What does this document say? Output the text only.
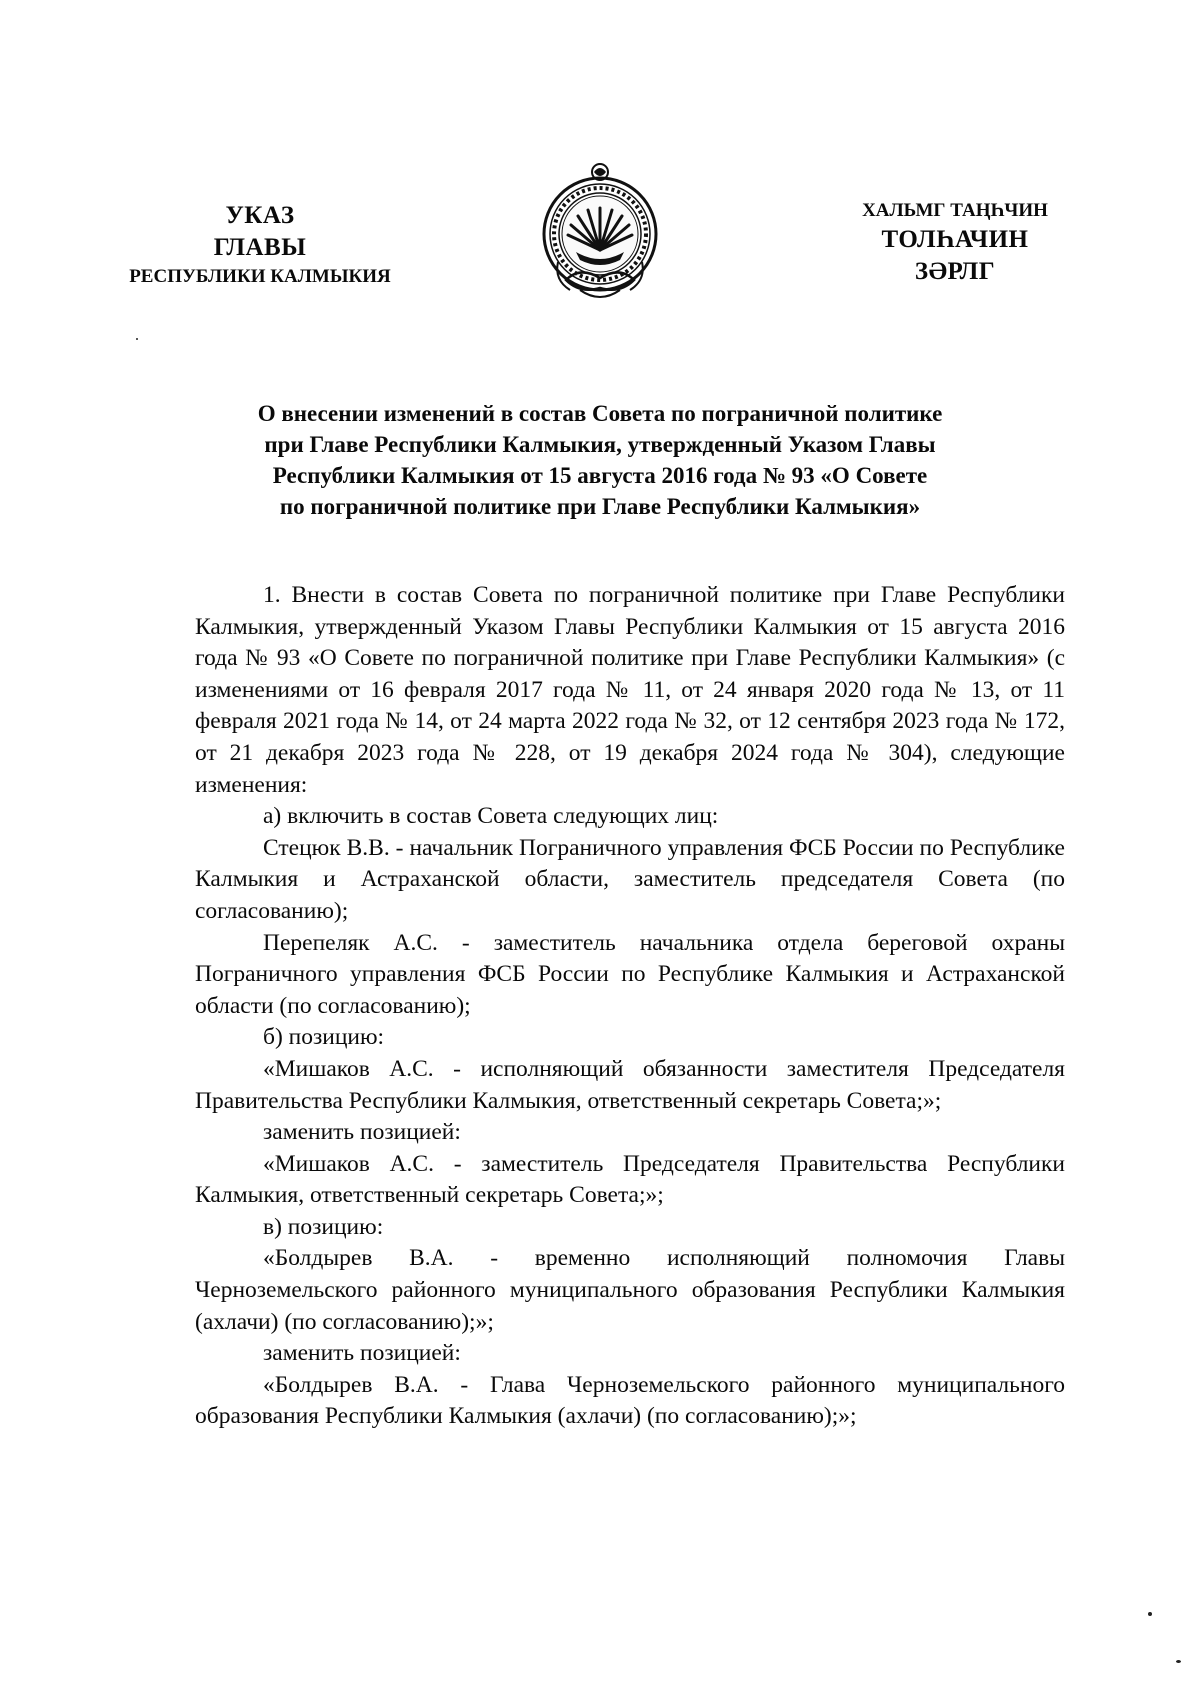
УКАЗ
ГЛАВЫ
РЕСПУБЛИКИ КАЛМЫКИЯ
ХАЛЬМГ ТАҢҺЧИН
ТОЛҺАЧИН
ЗӘРЛГ
О внесении изменений в состав Совета по пограничной политике
при Главе Республики Калмыкия, утвержденный Указом Главы
Республики Калмыкия от 15 августа 2016 года № 93 «О Совете
по пограничной политике при Главе Республики Калмыкия»

1. Внести в состав Совета по пограничной политике при Главе Республики Калмыкия, утвержденный Указом Главы Республики Калмыкия от 15 августа 2016 года № 93 «О Совете по пограничной политике при Главе Республики Калмыкия» (с изменениями от 16 февраля 2017 года № 11, от 24 января 2020 года № 13, от 11 февраля 2021 года № 14, от 24 марта 2022 года № 32, от 12 сентября 2023 года № 172, от 21 декабря 2023 года № 228, от 19 декабря 2024 года № 304), следующие изменения:

а) включить в состав Совета следующих лиц:

Стецюк В.В. - начальник Пограничного управления ФСБ России по Республике Калмыкия и Астраханской области, заместитель председателя Совета (по согласованию);

Перепеляк А.С. - заместитель начальника отдела береговой охраны Пограничного управления ФСБ России по Республике Калмыкия и Астраханской области (по согласованию);

б) позицию:

«Мишаков А.С. - исполняющий обязанности заместителя Председателя Правительства Республики Калмыкия, ответственный секретарь Совета;»;

заменить позицией:

«Мишаков А.С. - заместитель Председателя Правительства Республики Калмыкия, ответственный секретарь Совета;»;

в) позицию:

«Болдырев В.А. - временно исполняющий полномочия Главы Черноземельского районного муниципального образования Республики Калмыкия (ахлачи) (по согласованию);»;

заменить позицией:

«Болдырев В.А. - Глава Черноземельского районного муниципального образования Республики Калмыкия (ахлачи) (по согласованию);»;
